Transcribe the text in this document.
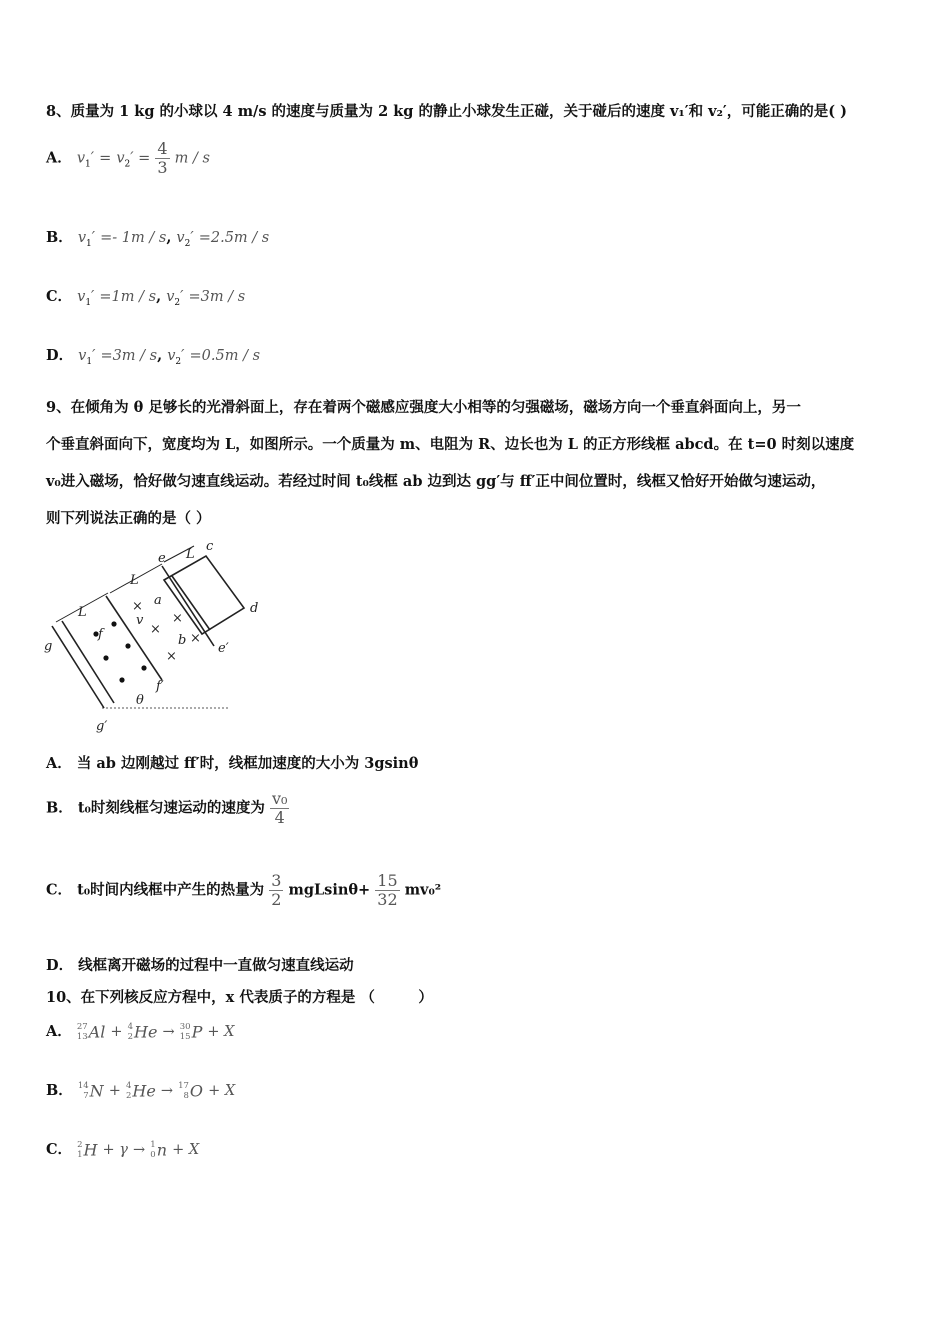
8、质量为 1 kg 的小球以 4 m/s 的速度与质量为 2 kg 的静止小球发生正碰，关于碰后的速度 v₁′和 v₂′，可能正确的是( )
A． $v_1' = v_2' = \frac{4}{3}$ m / s
B． $v_1' =- 1m / s$, $v_2' =2.5m / s$
C． $v_1' =1m / s$, $v_2' =3m / s$
D． $v_1' =3m / s$, $v_2' =0.5m / s$
9、在倾角为 θ 足够长的光滑斜面上，存在着两个磁感应强度大小相等的匀强磁场，磁场方向一个垂直斜面向上，另一
个垂直斜面向下，宽度均为 L，如图所示。一个质量为 m、电阻为 R、边长也为 L 的正方形线框 abcd。在 t=0 时刻以速度
v₀进入磁场，恰好做匀速直线运动。若经过时间 t₀线框 ab 边到达 gg′与 ff′正中间位置时，线框又恰好开始做匀速运动，
则下列说法正确的是（ ）
×
×
×
×
×
L
L
L
c
d
e
e′
a
b
f
f′
g
g′
v
θ
A． 当 ab 边刚越过 ff′时，线框加速度的大小为 3gsinθ
B． t₀时刻线框匀速运动的速度为 $\frac{\text{v₀}}{4}$
C． t₀时间内线框中产生的热量为 $\frac{3}{2} mgLsin\theta+ \frac{15}{32} mv_0^2$
D． 线框离开磁场的过程中一直做匀速直线运动
10、在下列核反应方程中，x 代表质子的方程是 （　　　）
A． 27
13 Al + 4
2 He → 30
15 P + X
B． 14
7 N + 4
2 He → 17
8 O + X
C． 2
1 H + γ → 1
0 n + X
